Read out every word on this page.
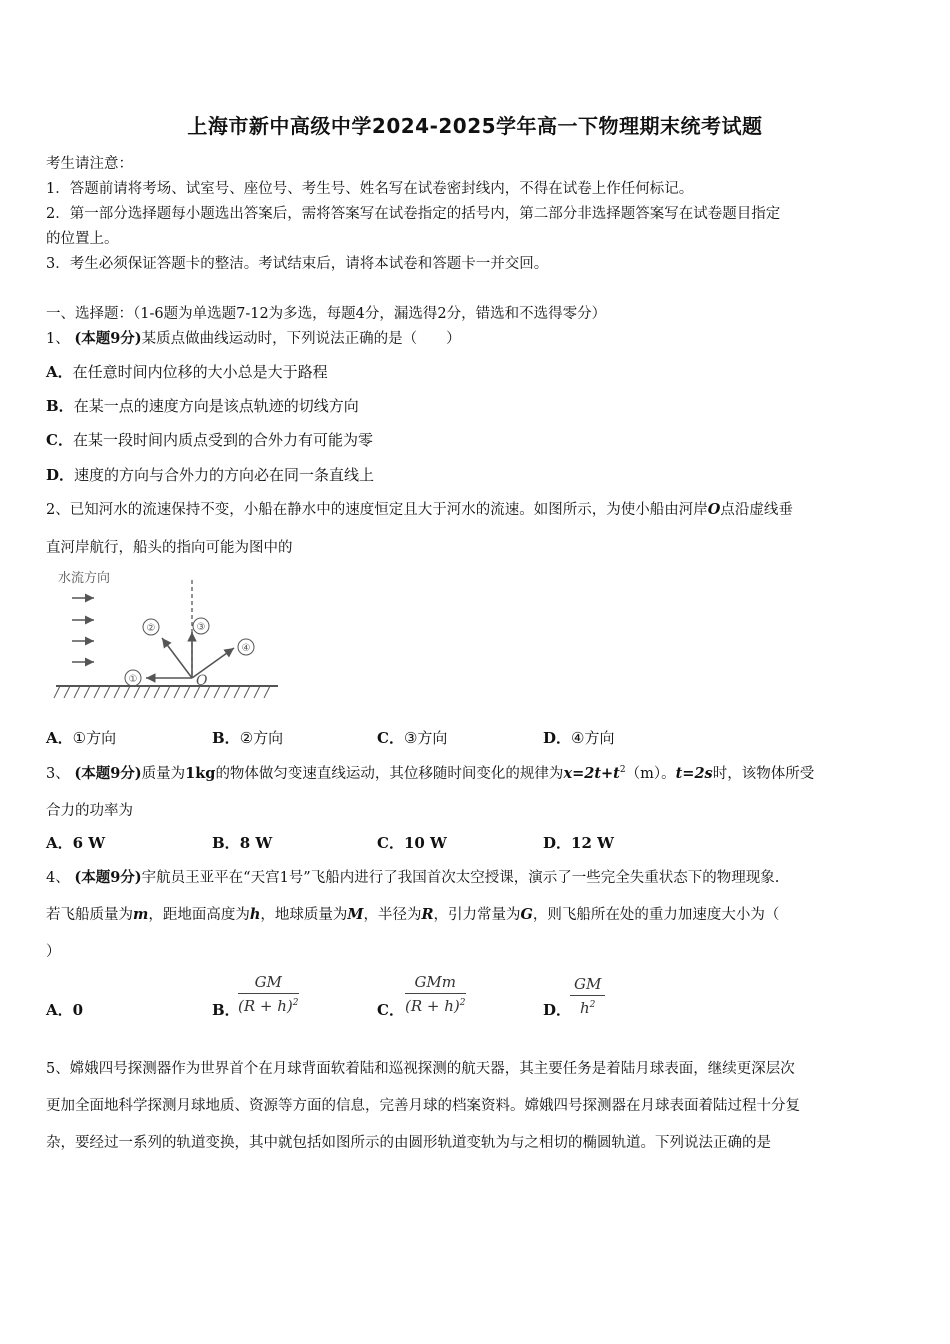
上海市新中高级中学2024-2025学年高一下物理期末统考试题
考生请注意：
1．答题前请将考场、试室号、座位号、考生号、姓名写在试卷密封线内，不得在试卷上作任何标记。
2．第一部分选择题每小题选出答案后，需将答案写在试卷指定的括号内，第二部分非选择题答案写在试卷题目指定
的位置上。
3．考生必须保证答题卡的整洁。考试结束后，请将本试卷和答题卡一并交回。
一、选择题：（1-6题为单选题7-12为多选，每题4分，漏选得2分，错选和不选得零分）
1、 (本题9分)某质点做曲线运动时，下列说法正确的是（　　）
A．在任意时间内位移的大小总是大于路程
B．在某一点的速度方向是该点轨迹的切线方向
C．在某一段时间内质点受到的合外力有可能为零
D．速度的方向与合外力的方向必在同一条直线上
2、已知河水的流速保持不变，小船在静水中的速度恒定且大于河水的流速。如图所示，为使小船由河岸O点沿虚线垂
直河岸航行，船头的指向可能为图中的
水流方向
①
②	③
④
O
A．①方向	B．②方向	C．③方向	D．④方向
3、 (本题9分)质量为1kg的物体做匀变速直线运动，其位移随时间变化的规律为$x=2t+t^2(m)$。t=2s时，该物体所受
合力的功率为
A．6 W	B．8 W	C．10 W	D．12 W
4、 (本题9分)宇航员王亚平在“天宫1号”飞船内进行了我国首次太空授课，演示了一些完全失重状态下的物理现象.
若飞船质量为m，距地面高度为h，地球质量为M，半径为R，引力常量为G，则飞船所在处的重力加速度大小为（
）
A．0	B．
GM
$(R + h)^2$	C．
GMm
$(R + h)^2$	D．
GM
$h^2$
5、嫦娥四号探测器作为世界首个在月球背面软着陆和巡视探测的航天器，其主要任务是着陆月球表面，继续更深层次
更加全面地科学探测月球地质、资源等方面的信息，完善月球的档案资料。嫦娥四号探测器在月球表面着陆过程十分复
杂，要经过一系列的轨道变换，其中就包括如图所示的由圆形轨道变轨为与之相切的椭圆轨道。下列说法正确的是
